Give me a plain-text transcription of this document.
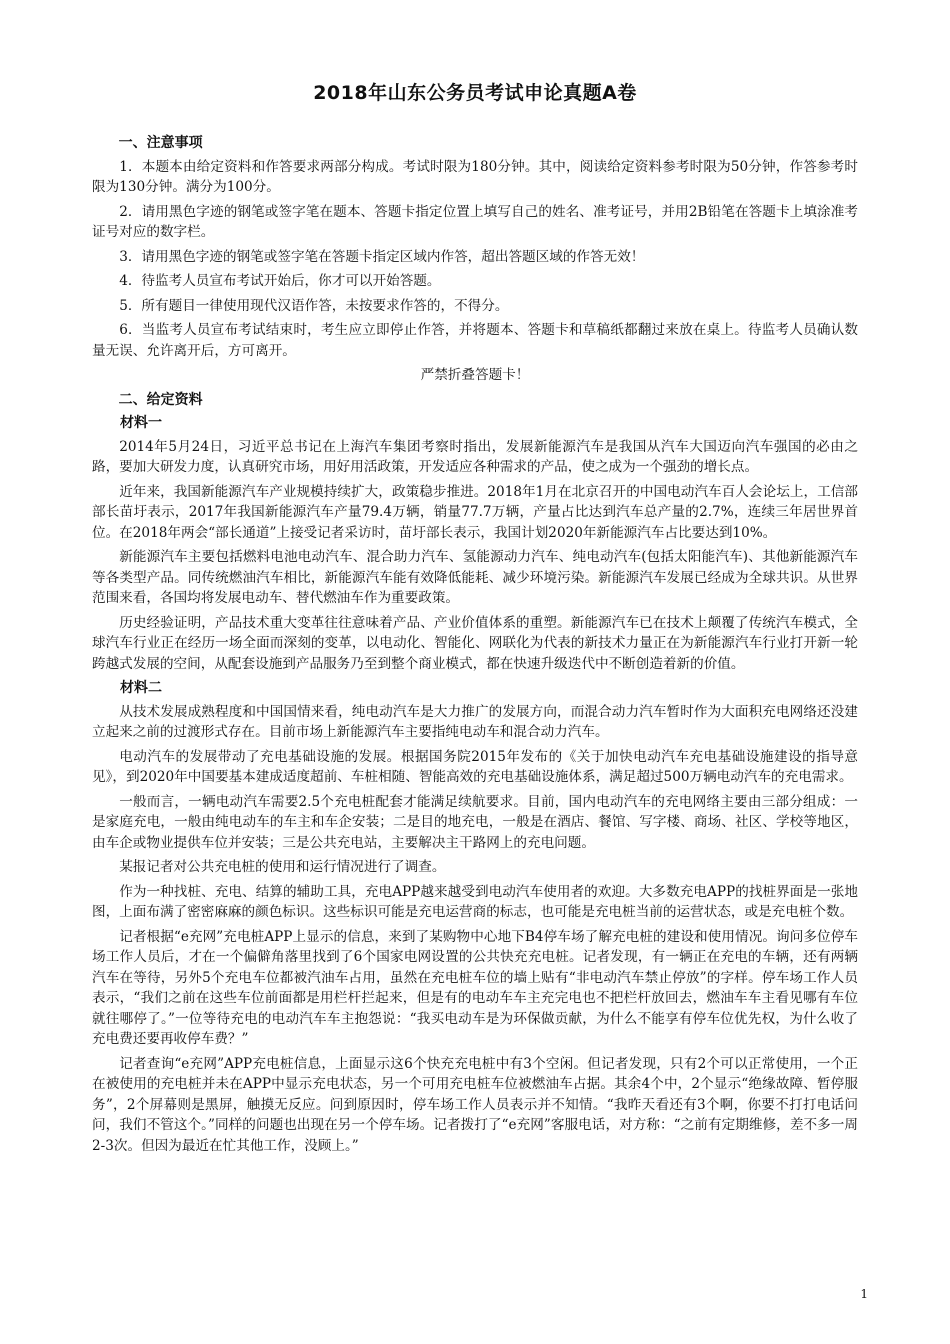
2018年山东公务员考试申论真题A卷
一、注意事项

1．本题本由给定资料和作答要求两部分构成。考试时限为180分钟。其中，阅读给定资料参考时限为50分钟，作答参考时限为130分钟。满分为100分。

2．请用黑色字迹的钢笔或签字笔在题本、答题卡指定位置上填写自己的姓名、准考证号，并用2B铅笔在答题卡上填涂准考证号对应的数字栏。

3．请用黑色字迹的钢笔或签字笔在答题卡指定区域内作答，超出答题区域的作答无效！

4．待监考人员宣布考试开始后，你才可以开始答题。

5．所有题目一律使用现代汉语作答，未按要求作答的，不得分。

6．当监考人员宣布考试结束时，考生应立即停止作答，并将题本、答题卡和草稿纸都翻过来放在桌上。待监考人员确认数量无误、允许离开后，方可离开。

严禁折叠答题卡！

二、给定资料
材料一

2014年5月24日，习近平总书记在上海汽车集团考察时指出，发展新能源汽车是我国从汽车大国迈向汽车强国的必由之路，要加大研发力度，认真研究市场，用好用活政策，开发适应各种需求的产品，使之成为一个强劲的增长点。

近年来，我国新能源汽车产业规模持续扩大，政策稳步推进。2018年1月在北京召开的中国电动汽车百人会论坛上，工信部部长苗圩表示，2017年我国新能源汽车产量79.4万辆，销量77.7万辆，产量占比达到汽车总产量的2.7%，连续三年居世界首位。在2018年两会“部长通道”上接受记者采访时，苗圩部长表示，我国计划2020年新能源汽车占比要达到10%。

新能源汽车主要包括燃料电池电动汽车、混合助力汽车、氢能源动力汽车、纯电动汽车(包括太阳能汽车)、其他新能源汽车等各类型产品。同传统燃油汽车相比，新能源汽车能有效降低能耗、减少环境污染。新能源汽车发展已经成为全球共识。从世界范围来看，各国均将发展电动车、替代燃油车作为重要政策。

历史经验证明，产品技术重大变革往往意味着产品、产业价值体系的重塑。新能源汽车已在技术上颠覆了传统汽车模式，全球汽车行业正在经历一场全面而深刻的变革，以电动化、智能化、网联化为代表的新技术力量正在为新能源汽车行业打开新一轮跨越式发展的空间，从配套设施到产品服务乃至到整个商业模式，都在快速升级迭代中不断创造着新的价值。

材料二

从技术发展成熟程度和中国国情来看，纯电动汽车是大力推广的发展方向，而混合动力汽车暂时作为大面积充电网络还没建立起来之前的过渡形式存在。目前市场上新能源汽车主要指纯电动车和混合动力汽车。

电动汽车的发展带动了充电基础设施的发展。根据国务院2015年发布的《关于加快电动汽车充电基础设施建设的指导意见》，到2020年中国要基本建成适度超前、车桩相随、智能高效的充电基础设施体系，满足超过500万辆电动汽车的充电需求。

一般而言，一辆电动汽车需要2.5个充电桩配套才能满足续航要求。目前，国内电动汽车的充电网络主要由三部分组成：一是家庭充电，一般由纯电动车的车主和车企安装；二是目的地充电，一般是在酒店、餐馆、写字楼、商场、社区、学校等地区，由车企或物业提供车位并安装；三是公共充电站，主要解决主干路网上的充电问题。

某报记者对公共充电桩的使用和运行情况进行了调查。

作为一种找桩、充电、结算的辅助工具，充电APP越来越受到电动汽车使用者的欢迎。大多数充电APP的找桩界面是一张地图，上面布满了密密麻麻的颜色标识。这些标识可能是充电运营商的标志，也可能是充电桩当前的运营状态，或是充电桩个数。

记者根据“e充网”充电桩APP上显示的信息，来到了某购物中心地下B4停车场了解充电桩的建设和使用情况。询问多位停车场工作人员后，才在一个偏僻角落里找到了6个国家电网设置的公共快充充电桩。记者发现，有一辆正在充电的车辆，还有两辆汽车在等待，另外5个充电车位都被汽油车占用，虽然在充电桩车位的墙上贴有“非电动汽车禁止停放”的字样。停车场工作人员表示，“我们之前在这些车位前面都是用栏杆拦起来，但是有的电动车车主充完电也不把栏杆放回去，燃油车车主看见哪有车位就往哪停了。”一位等待充电的电动汽车车主抱怨说：“我买电动车是为环保做贡献，为什么不能享有停车位优先权，为什么收了充电费还要再收停车费？”

记者查询“e充网”APP充电桩信息，上面显示这6个快充充电桩中有3个空闲。但记者发现，只有2个可以正常使用，一个正在被使用的充电桩并未在APP中显示充电状态，另一个可用充电桩车位被燃油车占据。其余4个中，2个显示“绝缘故障、暂停服务”，2个屏幕则是黑屏，触摸无反应。问到原因时，停车场工作人员表示并不知情。“我昨天看还有3个啊，你要不打打电话问问，我们不管这个。”同样的问题也出现在另一个停车场。记者拨打了“e充网”客服电话，对方称：“之前有定期维修，差不多一周2-3次。但因为最近在忙其他工作，没顾上。”

1
